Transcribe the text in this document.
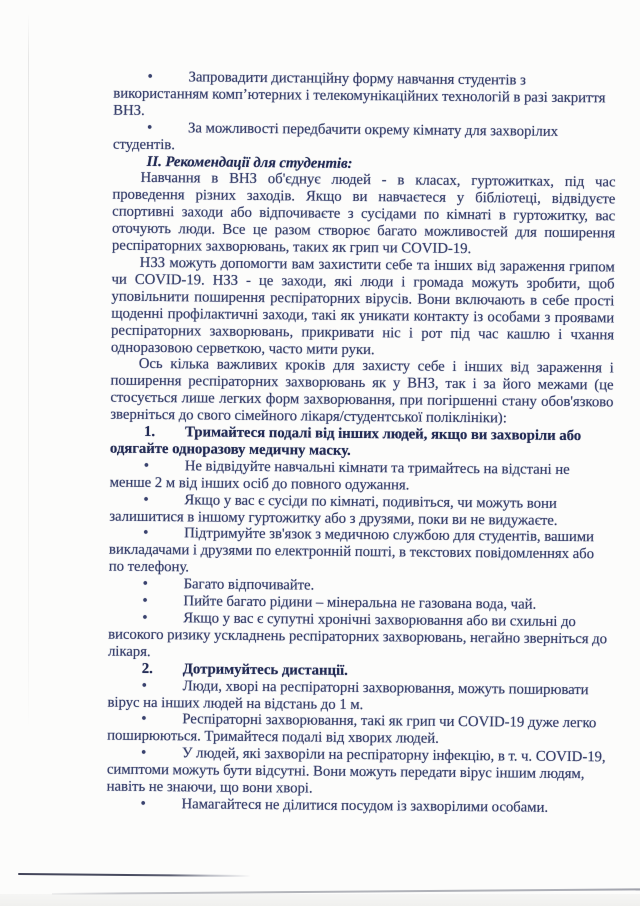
• Запровадити дистанційну форму навчання студентів з використанням комп’ютерних і телекомунікаційних технологій в разі закриття ВНЗ.

• За можливості передбачити окрему кімнату для захворілих студентів.

ІІ. Рекомендації для студентів:

Навчання в ВНЗ об'єднує людей - в класах, гуртожитках, під час проведення різних заходів. Якщо ви навчаєтеся у бібліотеці, відвідуєте спортивні заходи або відпочиваєте з сусідами по кімнаті в гуртожитку, вас оточують люди. Все це разом створює багато можливостей для поширення респіраторних захворювань, таких як грип чи COVID-19.

НЗЗ можуть допомогти вам захистити себе та інших від зараження грипом чи COVID-19. НЗЗ - це заходи, які люди і громада можуть зробити, щоб уповільнити поширення респіраторних вірусів. Вони включають в себе прості щоденні профілактичні заходи, такі як уникати контакту із особами з проявами респіраторних захворювань, прикривати ніс і рот під час кашлю і чхання одноразовою серветкою, часто мити руки.

Ось кілька важливих кроків для захисту себе і інших від зараження і поширення респіраторних захворювань як у ВНЗ, так і за його межами (це стосується лише легких форм захворювання, при погіршенні стану обов'язково зверніться до свого сімейного лікаря/студентської поліклініки):

1. Тримайтеся подалі від інших людей, якщо ви захворіли або одягайте одноразову медичну маску.

• Не відвідуйте навчальні кімнати та тримайтесь на відстані не менше 2 м від інших осіб до повного одужання.

• Якщо у вас є сусіди по кімнаті, подивіться, чи можуть вони залишитися в іншому гуртожитку або з друзями, поки ви не видужаєте.

• Підтримуйте зв'язок з медичною службою для студентів, вашими викладачами і друзями по електронній пошті, в текстових повідомленнях або по телефону.

• Багато відпочивайте.

• Пийте багато рідини – мінеральна не газована вода, чай.

• Якщо у вас є супутні хронічні захворювання або ви схильні до високого ризику ускладнень респіраторних захворювань, негайно зверніться до лікаря.

2. Дотримуйтесь дистанції.

• Люди, хворі на респіраторні захворювання, можуть поширювати вірус на інших людей на відстань до 1 м.

• Респіраторні захворювання, такі як грип чи COVID-19 дуже легко поширюються. Тримайтеся подалі від хворих людей.

• У людей, які захворіли на респіраторну інфекцію, в т. ч. COVID-19, симптоми можуть бути відсутні. Вони можуть передати вірус іншим людям, навіть не знаючи, що вони хворі.

• Намагайтеся не ділитися посудом із захворілими особами.
